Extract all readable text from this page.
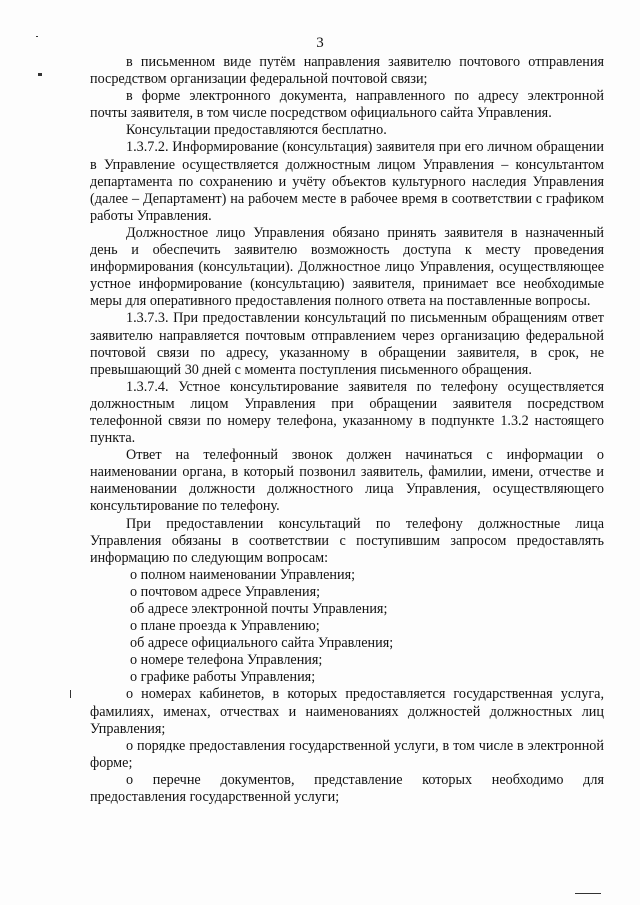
3

в письменном виде путём направления заявителю почтового отправления посредством организации федеральной почтовой связи;

в форме электронного документа, направленного по адресу электронной почты заявителя, в том числе посредством официального сайта Управления.

Консультации предоставляются бесплатно.

1.3.7.2. Информирование (консультация) заявителя при его личном обращении в Управление осуществляется должностным лицом Управления – консультантом департамента по сохранению и учёту объектов культурного наследия Управления (далее – Департамент) на рабочем месте в рабочее время в соответствии с графиком работы Управления.

Должностное лицо Управления обязано принять заявителя в назначенный день и обеспечить заявителю возможность доступа к месту проведения информирования (консультации). Должностное лицо Управления, осуществляющее устное информирование (консультацию) заявителя, принимает все необходимые меры для оперативного предоставления полного ответа на поставленные вопросы.

1.3.7.3. При предоставлении консультаций по письменным обращениям ответ заявителю направляется почтовым отправлением через организацию федеральной почтовой связи по адресу, указанному в обращении заявителя, в срок, не превышающий 30 дней с момента поступления письменного обращения.

1.3.7.4. Устное консультирование заявителя по телефону осуществляется должностным лицом Управления при обращении заявителя посредством телефонной связи по номеру телефона, указанному в подпункте 1.3.2 настоящего пункта.

Ответ на телефонный звонок должен начинаться с информации о наименовании органа, в который позвонил заявитель, фамилии, имени, отчестве и наименовании должности должностного лица Управления, осуществляющего консультирование по телефону.

При предоставлении консультаций по телефону должностные лица Управления обязаны в соответствии с поступившим запросом предоставлять информацию по следующим вопросам:

о полном наименовании Управления;

о почтовом адресе Управления;

об адресе электронной почты Управления;

о плане проезда к Управлению;

об адресе официального сайта Управления;

о номере телефона Управления;

о графике работы Управления;

о номерах кабинетов, в которых предоставляется государственная услуга, фамилиях, именах, отчествах и наименованиях должностей должностных лиц Управления;

о порядке предоставления государственной услуги, в том числе в электронной форме;

о перечне документов, представление которых необходимо для предоставления государственной услуги;
